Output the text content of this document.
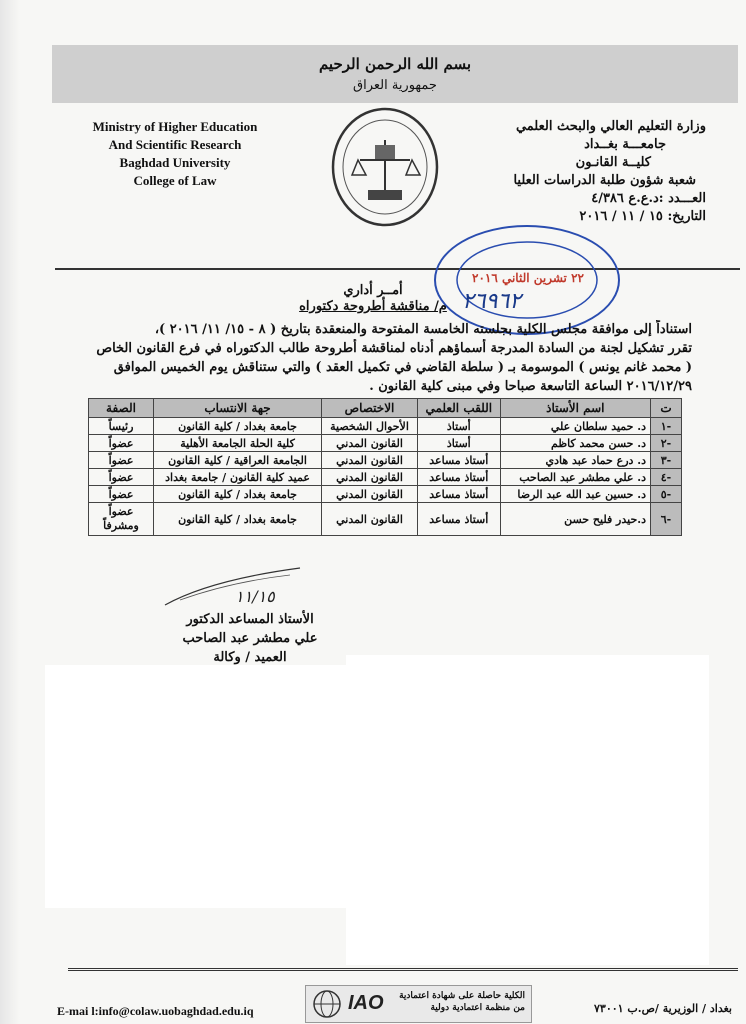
بسم الله الرحمن الرحيم
جمهورية العراق
Ministry of Higher Education
And Scientific Research
Baghdad University
College of Law
وزارة التعليم العالي والبحث العلمي
جامعـــة بغــداد
كليــة القانـون
شعبة شؤون طلبة الدراسات العليا
العـــدد :د.ع.ع ٤/٣٨٦
التاريخ: ١٥ / ١١ / ٢٠١٦
٢٢ تشرين الثاني ٢٠١٦
٢٦٩٦٢
أمــر أداري
م/ مناقشة أطروحة دكتوراه
استناداً إلى موافقة مجلس الكلية بجلسته الخامسة المفتوحة والمنعقدة بتاريخ ( ٨ - ١٥/ ١١/ ٢٠١٦ )،
تقرر تشكيل لجنة من السادة المدرجة أسماؤهم أدناه لمناقشة أطروحة طالب الدكتوراه في فرع القانون الخاص
( محمد غانم يونس ) الموسومة بـ ( سلطة القاضي في تكميل العقد ) والتي ستناقش يوم الخميس الموافق
٢٠١٦/١٢/٢٩ الساعة التاسعة صباحا وفي مبنى كلية القانون .
ت	اسم الأستاذ	اللقب العلمي	الاختصاص	جهة الانتساب	الصفة
-١	د. حميد سلطان علي	أستاذ	الأحوال الشخصية	جامعة بغداد / كلية القانون	رئيساً
-٢	د. حسن محمد كاظم	أستاذ	القانون المدني	كلية الحلة الجامعة الأهلية	عضواً
-٣	د. درع حماد عبد هادي	أستاذ مساعد	القانون المدني	الجامعة العراقية / كلية القانون	عضواً
-٤	د. علي مطشر عبد الصاحب	أستاذ مساعد	القانون المدني	عميد كلية القانون / جامعة بغداد	عضواً
-٥	د. حسين عبد الله عبد الرضا	أستاذ مساعد	القانون المدني	جامعة بغداد / كلية القانون	عضواً
-٦	د.حيدر فليح حسن	أستاذ مساعد	القانون المدني	جامعة بغداد / كلية القانون	عضواً ومشرفاً
١١/١٥
الأستاذ المساعد الدكتور
علي مطشر عبد الصاحب
العميد / وكالة
E-mai l:info@colaw.uobaghdad.edu.iq	IAO الكلية حاصلة على شهادة اعتمادية
من منظمة اعتمادية دولية	بغداد / الوزيرية /ص.ب ٧٣٠٠١
